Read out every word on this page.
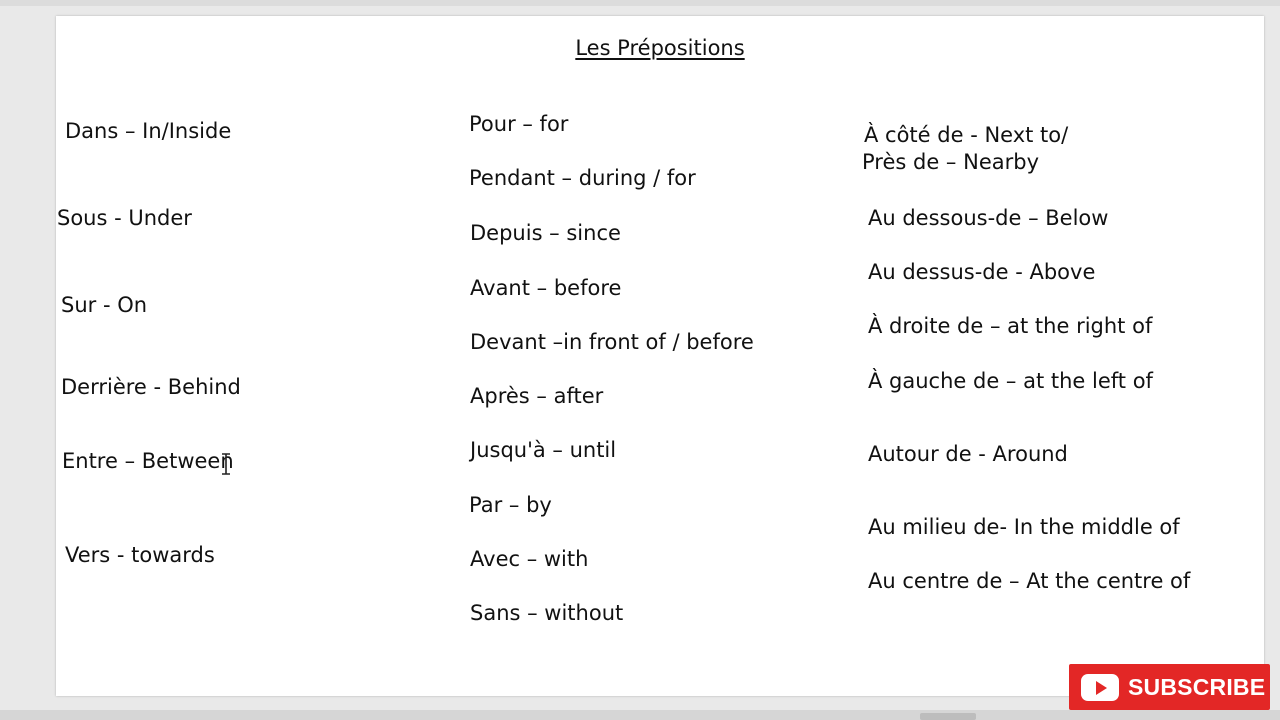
Les Prépositions
Dans – In/Inside
Sous - Under
Sur - On
Derrière - Behind
Entre – Between
Vers - towards
Pour – for
Pendant – during / for
Depuis – since
Avant – before
Devant –in front of / before
Après – after
Jusqu'à – until
Par – by
Avec – with
Sans – without
À côté de - Next to/
Près de – Nearby
Au dessous-de – Below
Au dessus-de - Above
À droite de – at the right of
À gauche de – at the left of
Autour de - Around
Au milieu de- In the middle of
Au centre de – At the centre of
SUBSCRIBE
